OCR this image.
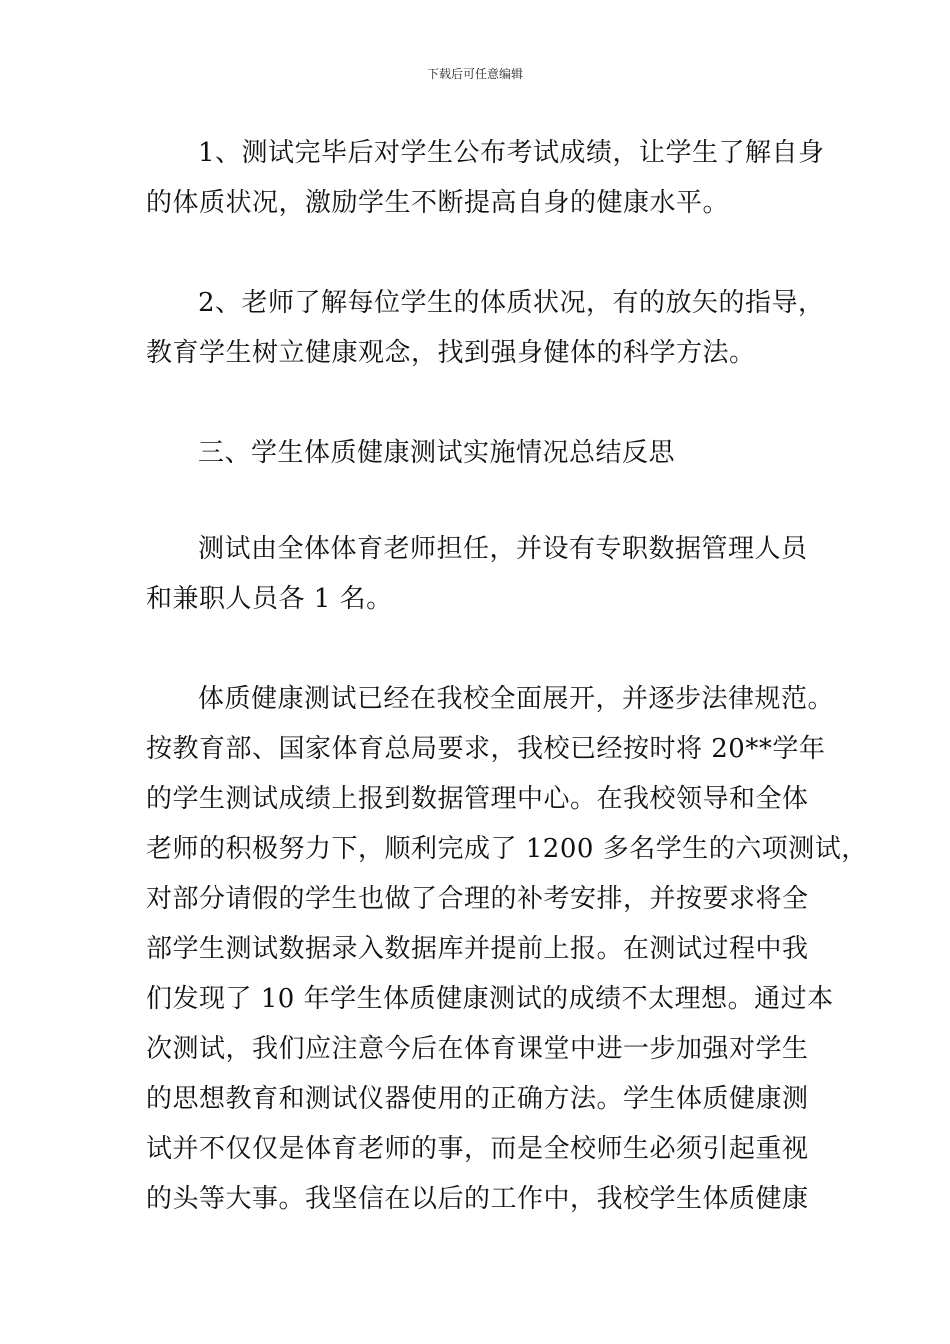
下载后可任意编辑

1、测试完毕后对学生公布考试成绩，让学生了解自身
的体质状况，激励学生不断提高自身的健康水平。

2、老师了解每位学生的体质状况，有的放矢的指导，
教育学生树立健康观念，找到强身健体的科学方法。

三、学生体质健康测试实施情况总结反思

测试由全体体育老师担任，并设有专职数据管理人员
和兼职人员各 1 名。

体质健康测试已经在我校全面展开，并逐步法律规范。
按教育部、国家体育总局要求，我校已经按时将 20**学年
的学生测试成绩上报到数据管理中心。在我校领导和全体
老师的积极努力下，顺利完成了 1200 多名学生的六项测试，
对部分请假的学生也做了合理的补考安排，并按要求将全
部学生测试数据录入数据库并提前上报。在测试过程中我
们发现了 10 年学生体质健康测试的成绩不太理想。通过本
次测试，我们应注意今后在体育课堂中进一步加强对学生
的思想教育和测试仪器使用的正确方法。学生体质健康测
试并不仅仅是体育老师的事，而是全校师生必须引起重视
的头等大事。我坚信在以后的工作中，我校学生体质健康
